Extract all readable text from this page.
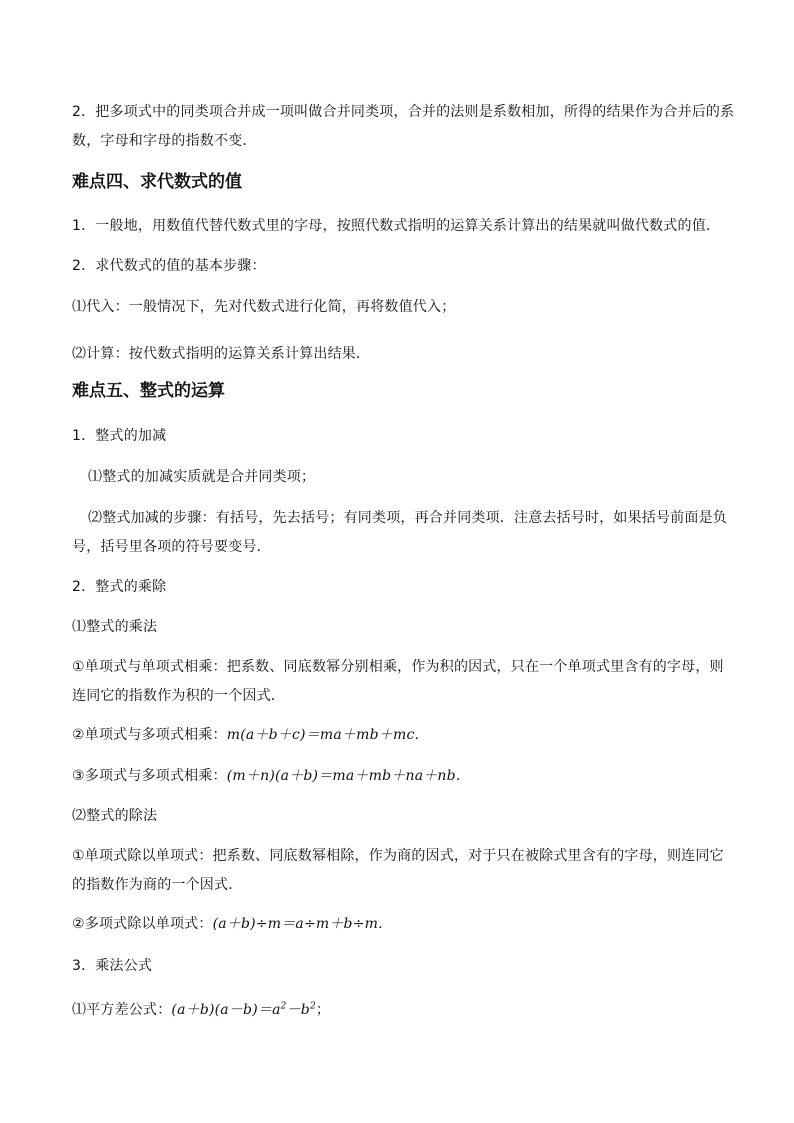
2．把多项式中的同类项合并成一项叫做合并同类项，合并的法则是系数相加，所得的结果作为合并后的系
数，字母和字母的指数不变．
难点四、求代数式的值
1．一般地，用数值代替代数式里的字母，按照代数式指明的运算关系计算出的结果就叫做代数式的值．
2．求代数式的值的基本步骤：
⑴代入：一般情况下，先对代数式进行化简，再将数值代入；
⑵计算：按代数式指明的运算关系计算出结果．
难点五、整式的运算
1．整式的加减
⑴整式的加减实质就是合并同类项；
⑵整式加减的步骤：有括号，先去括号；有同类项，再合并同类项．注意去括号时，如果括号前面是负
号，括号里各项的符号要变号．
2．整式的乘除
⑴整式的乘法
①单项式与单项式相乘：把系数、同底数幂分别相乘，作为积的因式，只在一个单项式里含有的字母，则
连同它的指数作为积的一个因式．
②单项式与多项式相乘：m(a＋b＋c)＝ma＋mb＋mc.
③多项式与多项式相乘：(m＋n)(a＋b)＝ma＋mb＋na＋nb.
⑵整式的除法
①单项式除以单项式：把系数、同底数幂相除，作为商的因式，对于只在被除式里含有的字母，则连同它
的指数作为商的一个因式．
②多项式除以单项式：(a＋b)÷m＝a÷m＋b÷m.
3．乘法公式
⑴平方差公式：$(a+b)(a-b)=a^2-b^2$；
